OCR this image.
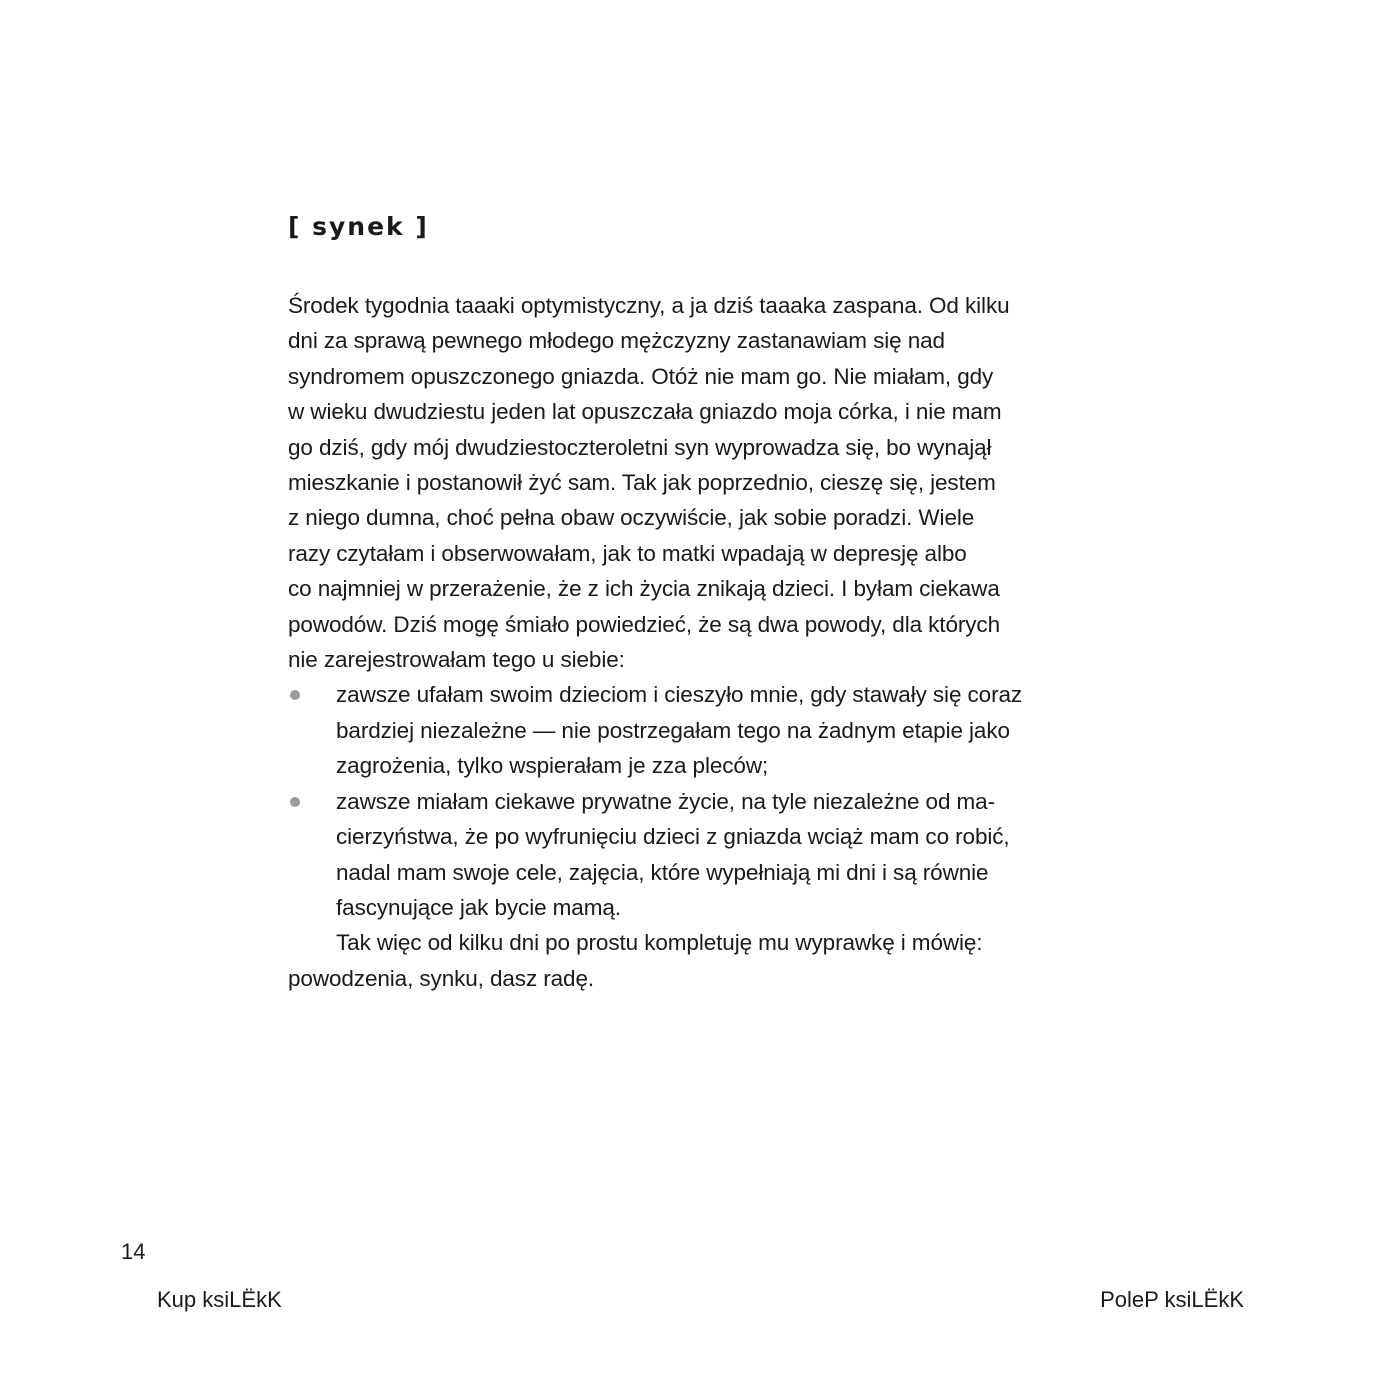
[ synek ]

Środek tygodnia taaaki optymistyczny, a ja dziś taaaka zaspana. Od kilku
dni za sprawą pewnego młodego mężczyzny zastanawiam się nad
syndromem opuszczonego gniazda. Otóż nie mam go. Nie miałam, gdy
w wieku dwudziestu jeden lat opuszczała gniazdo moja córka, i nie mam
go dziś, gdy mój dwudziestoczteroletni syn wyprowadza się, bo wynajął
mieszkanie i postanowił żyć sam. Tak jak poprzednio, cieszę się, jestem
z niego dumna, choć pełna obaw oczywiście, jak sobie poradzi. Wiele
razy czytałam i obserwowałam, jak to matki wpadają w depresję albo
co najmniej w przerażenie, że z ich życia znikają dzieci. I byłam ciekawa
powodów. Dziś mogę śmiało powiedzieć, że są dwa powody, dla których
nie zarejestrowałam tego u siebie:

zawsze ufałam swoim dzieciom i cieszyło mnie, gdy stawały się coraz
bardziej niezależne — nie postrzegałam tego na żadnym etapie jako
zagrożenia, tylko wspierałam je zza pleców;
zawsze miałam ciekawe prywatne życie, na tyle niezależne od ma-
cierzyństwa, że po wyfrunięciu dzieci z gniazda wciąż mam co robić,
nadal mam swoje cele, zajęcia, które wypełniają mi dni i są równie
fascynujące jak bycie mamą.

Tak więc od kilku dni po prostu kompletuję mu wyprawkę i mówię:
powodzenia, synku, dasz radę.

14
Kup ksiLЁkK	PoleP ksiLЁkK
